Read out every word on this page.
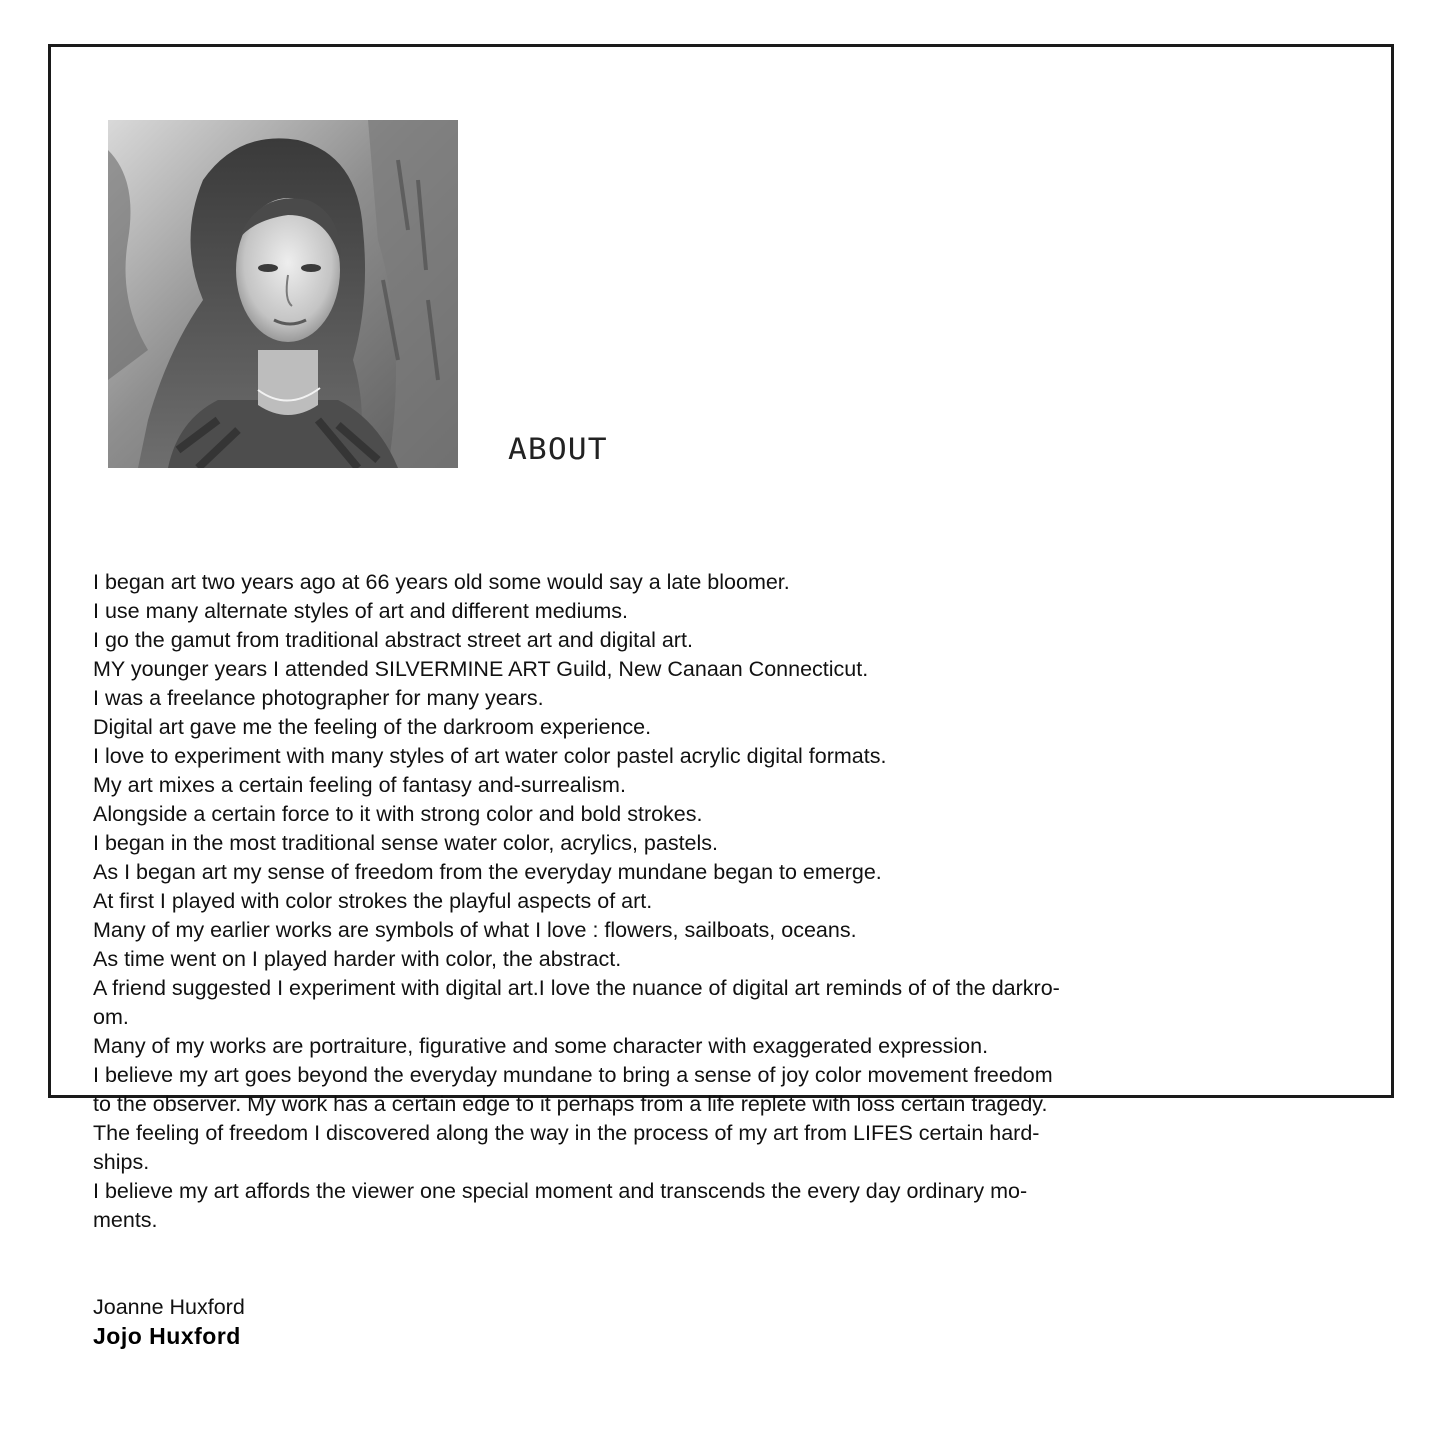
ABOUT
I began art two years ago at 66 years old some would say a late bloomer.
I use many alternate styles of art and different mediums.
I go the gamut from traditional abstract street art and digital art.
MY younger years I attended SILVERMINE ART Guild, New Canaan Connecticut.
I was a freelance photographer for many years.
Digital art gave me the feeling of the darkroom experience.
I love to experiment with many styles of art water color pastel acrylic digital formats.
My art mixes a certain feeling of fantasy and-surrealism.
Alongside a certain force to it with strong color and bold strokes.
I began in the most traditional sense water color, acrylics, pastels.
As I began art my sense of freedom from the everyday mundane began to emerge.
At first I played with color strokes the playful aspects of art.
Many of my earlier works are symbols of what I love : flowers, sailboats, oceans.
As time went on I played harder with color, the abstract.
A friend suggested I experiment with digital art.I love the nuance of digital art reminds of of the darkro-
om.
Many of my works are portraiture, figurative and some character with exaggerated expression.
I believe my art goes beyond the everyday mundane to bring a sense of joy color movement freedom
to the observer. My work has a certain edge to it perhaps from a life replete with loss certain tragedy.
The feeling of freedom I discovered along the way in the process of my art from LIFES certain hard-
ships.
I believe my art affords the viewer one special moment and transcends the every day ordinary mo-
ments.
Joanne Huxford
Jojo Huxford
